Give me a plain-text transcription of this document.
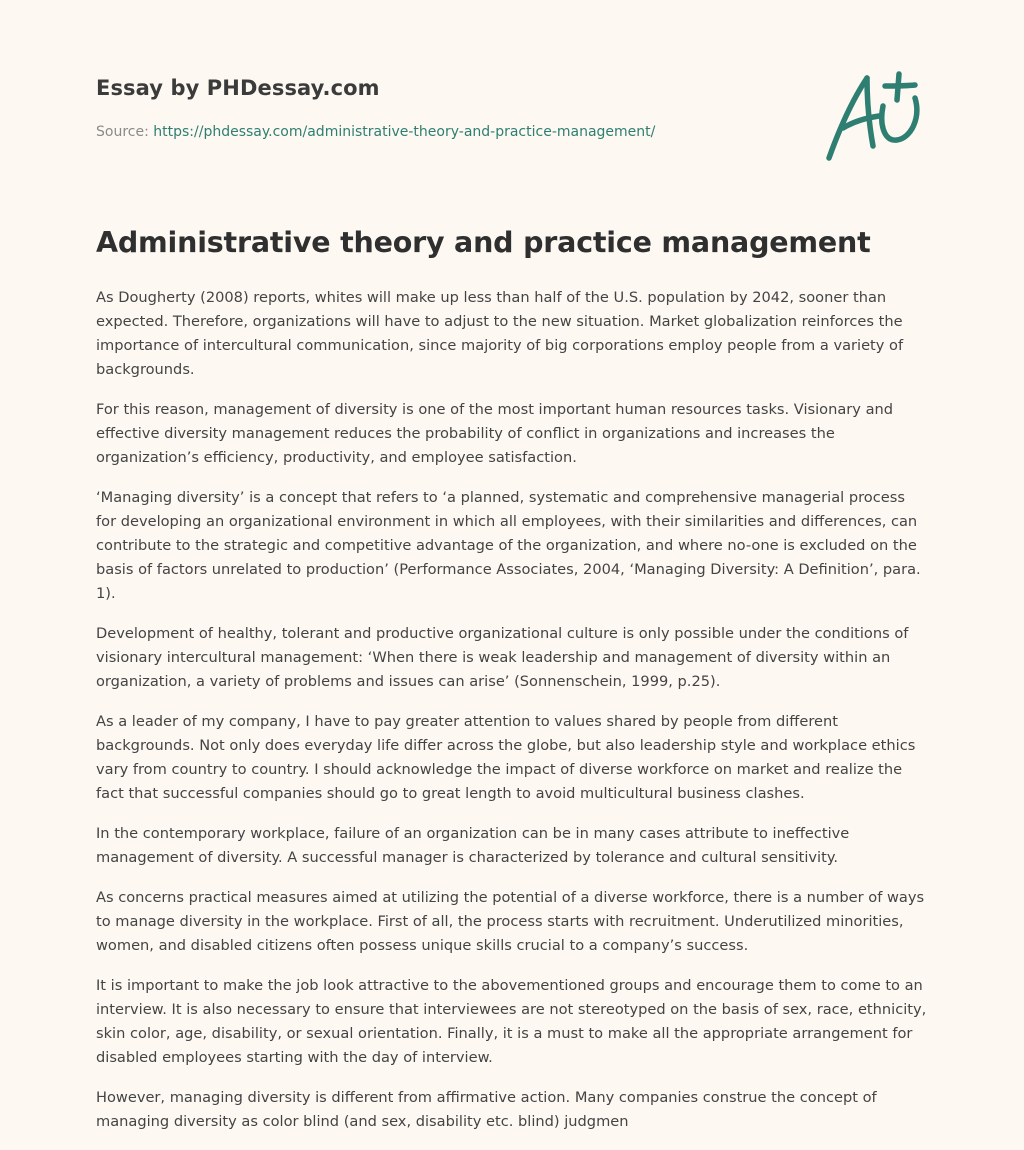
Essay by PHDessay.com
Source: https://phdessay.com/administrative-theory-and-practice-management/
Administrative theory and practice management

As Dougherty (2008) reports, whites will make up less than half of the U.S. population by 2042, sooner than expected. Therefore, organizations will have to adjust to the new situation. Market globalization reinforces the importance of intercultural communication, since majority of big corporations employ people from a variety of backgrounds.

For this reason, management of diversity is one of the most important human resources tasks. Visionary and effective diversity management reduces the probability of conflict in organizations and increases the organization’s efficiency, productivity, and employee satisfaction.

‘Managing diversity’ is a concept that refers to ‘a planned, systematic and comprehensive managerial process for developing an organizational environment in which all employees, with their similarities and differences, can contribute to the strategic and competitive advantage of the organization, and where no-one is excluded on the basis of factors unrelated to production’ (Performance Associates, 2004, ‘Managing Diversity: A Definition’, para. 1).

Development of healthy, tolerant and productive organizational culture is only possible under the conditions of visionary intercultural management: ‘When there is weak leadership and management of diversity within an organization, a variety of problems and issues can arise’ (Sonnenschein, 1999, p.25).

As a leader of my company, I have to pay greater attention to values shared by people from different backgrounds. Not only does everyday life differ across the globe, but also leadership style and workplace ethics vary from country to country. I should acknowledge the impact of diverse workforce on market and realize the fact that successful companies should go to great length to avoid multicultural business clashes.

In the contemporary workplace, failure of an organization can be in many cases attribute to ineffective management of diversity. A successful manager is characterized by tolerance and cultural sensitivity.

As concerns practical measures aimed at utilizing the potential of a diverse workforce, there is a number of ways to manage diversity in the workplace. First of all, the process starts with recruitment. Underutilized minorities, women, and disabled citizens often possess unique skills crucial to a company’s success.

It is important to make the job look attractive to the abovementioned groups and encourage them to come to an interview. It is also necessary to ensure that interviewees are not stereotyped on the basis of sex, race, ethnicity, skin color, age, disability, or sexual orientation. Finally, it is a must to make all the appropriate arrangement for disabled employees starting with the day of interview.

However, managing diversity is different from affirmative action. Many companies construe the concept of managing diversity as color blind (and sex, disability etc. blind) judgmen
